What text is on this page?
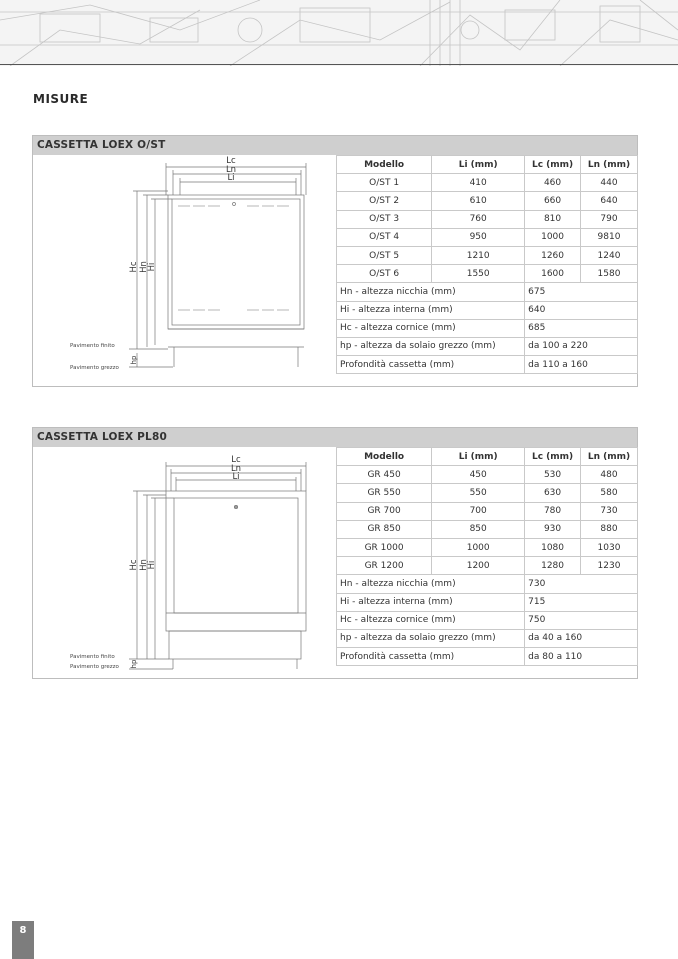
MISURE
CASSETTA LOEX O/ST
Lc
Ln
Li
Hc Hn
Hi
hp
Pavimento finito
Pavimento grezzo
Modello	Li (mm)	Lc (mm)	Ln (mm)
O/ST 1	410	460	440
O/ST 2	610	660	640
O/ST 3	760	810	790
O/ST 4	950	1000	9810
O/ST 5	1210	1260	1240
O/ST 6	1550	1600	1580
Hn - altezza nicchia (mm)		675	
Hi - altezza interna (mm)		640	
Hc - altezza cornice (mm)		685	
hp - altezza da solaio grezzo (mm)		da 100 a 220	
Profondità cassetta (mm)		da 110 a 160	
CASSETTA LOEX PL80
Lc
Ln
Li
Hc Hn
Hi
hp
Pavimento finito
Pavimento grezzo
Modello	Li (mm)	Lc (mm)	Ln (mm)
GR 450	450	530	480
GR 550	550	630	580
GR 700	700	780	730
GR 850	850	930	880
GR 1000	1000	1080	1030
GR 1200	1200	1280	1230
Hn - altezza nicchia (mm)		730	
Hi - altezza interna (mm)		715	
Hc - altezza cornice (mm)		750	
hp - altezza da solaio grezzo (mm)		da 40 a 160	
Profondità cassetta (mm)		da 80 a 110	
8
